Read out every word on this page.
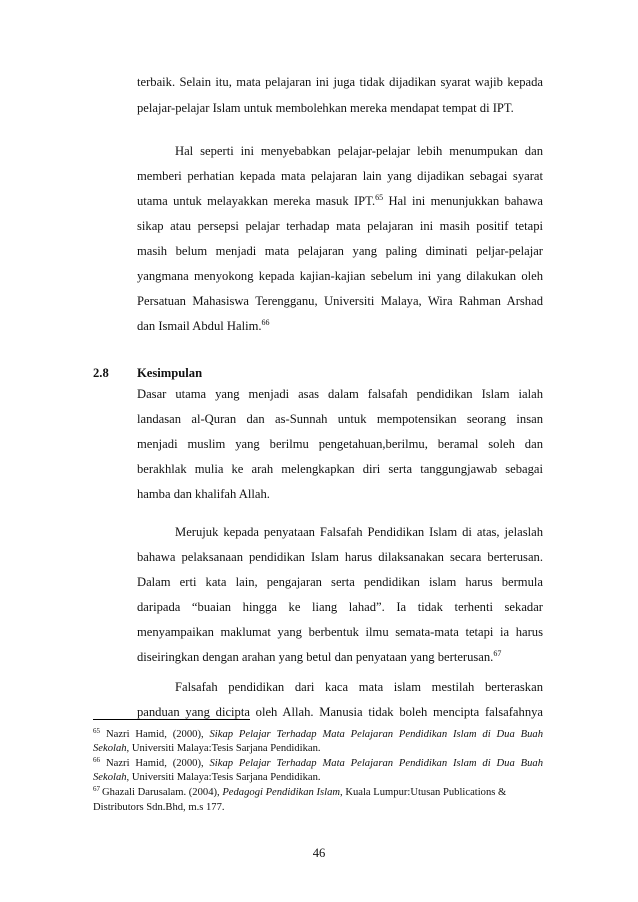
terbaik. Selain itu, mata pelajaran ini juga tidak dijadikan syarat wajib kepada
pelajar-pelajar Islam untuk membolehkan mereka mendapat tempat di IPT.
Hal seperti ini menyebabkan pelajar-pelajar lebih menumpukan dan
memberi perhatian kepada mata pelajaran lain yang dijadikan sebagai syarat
utama untuk melayakkan mereka masuk IPT.$^{65}$ Hal ini menunjukkan bahawa
sikap atau persepsi pelajar terhadap mata pelajaran ini masih positif tetapi
masih belum menjadi mata pelajaran yang paling diminati peljar-pelajar
yangmana menyokong kepada kajian-kajian sebelum ini yang dilakukan oleh
Persatuan Mahasiswa Terengganu, Universiti Malaya, Wira Rahman Arshad
dan Ismail Abdul Halim.$^{66}$
2.8 Kesimpulan
Dasar utama yang menjadi asas dalam falsafah pendidikan Islam ialah
landasan al-Quran dan as-Sunnah untuk mempotensikan seorang insan
menjadi muslim yang berilmu pengetahuan,berilmu, beramal soleh dan
berakhlak mulia ke arah melengkapkan diri serta tanggungjawab sebagai
hamba dan khalifah Allah.
Merujuk kepada penyataan Falsafah Pendidikan Islam di atas, jelaslah
bahawa pelaksanaan pendidikan Islam harus dilaksanakan secara berterusan.
Dalam erti kata lain, pengajaran serta pendidikan islam harus bermula
daripada “buaian hingga ke liang lahad”. Ia tidak terhenti sekadar
menyampaikan maklumat yang berbentuk ilmu semata-mata tetapi ia harus
diseiringkan dengan arahan yang betul dan penyataan yang berterusan.$^{67}$
Falsafah pendidikan dari kaca mata islam mestilah berteraskan
panduan yang dicipta oleh Allah. Manusia tidak boleh mencipta falsafahnya
$^{65}$ Nazri Hamid, (2000), Sikap Pelajar Terhadap Mata Pelajaran Pendidikan Islam di Dua Buah
Sekolah, Universiti Malaya:Tesis Sarjana Pendidikan.
$^{66}$ Nazri Hamid, (2000), Sikap Pelajar Terhadap Mata Pelajaran Pendidikan Islam di Dua Buah
Sekolah, Universiti Malaya:Tesis Sarjana Pendidikan.
$^{67}$ Ghazali Darusalam. (2004), Pedagogi Pendidikan Islam, Kuala Lumpur:Utusan Publications &
Distributors Sdn.Bhd, m.s 177.
46
